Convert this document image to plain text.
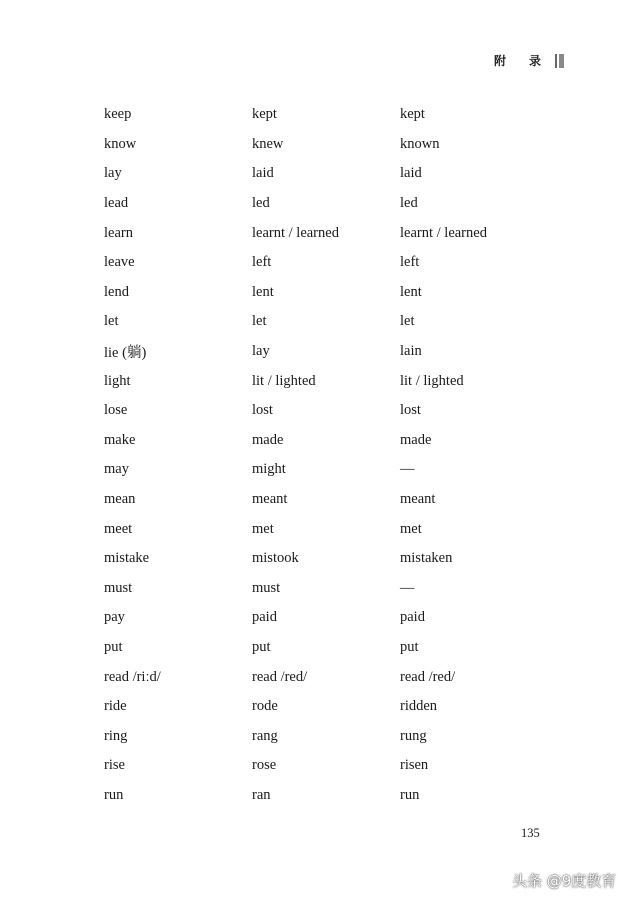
附 录
keep	kept	kept
know	knew	known
lay	laid	laid
lead	led	led
learn	learnt / learned	learnt / learned
leave	left	left
lend	lent	lent
let	let	let
lie (躺)	lay	lain
light	lit / lighted	lit / lighted
lose	lost	lost
make	made	made
may	might	—
mean	meant	meant
meet	met	met
mistake	mistook	mistaken
must	must	—
pay	paid	paid
put	put	put
read /riːd/	read /red/	read /red/
ride	rode	ridden
ring	rang	rung
rise	rose	risen
run	ran	run
135
头条 @9度教育
